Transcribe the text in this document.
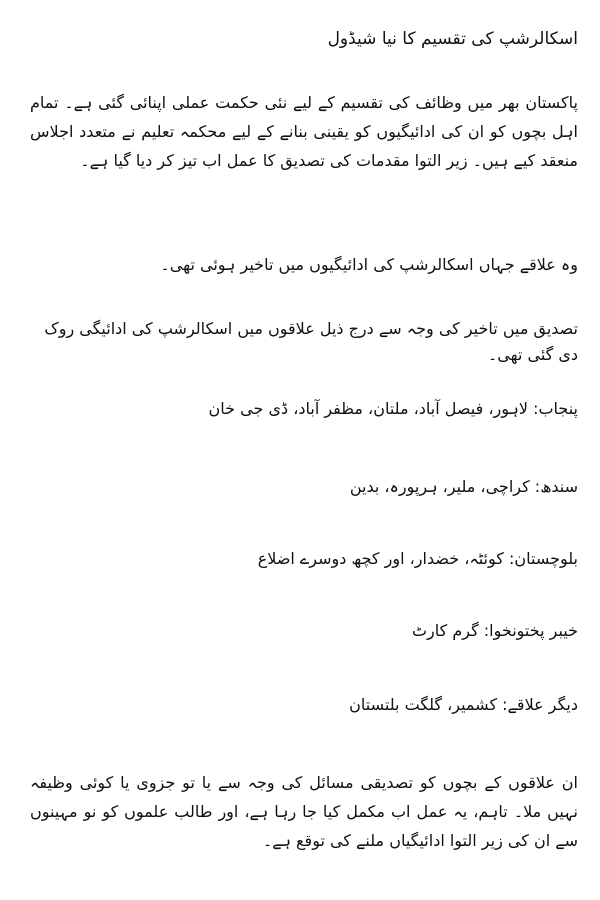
اسکالرشپ کی تقسیم کا نیا شیڈول

پاکستان بھر میں وظائف کی تقسیم کے لیے نئی حکمت عملی اپنائی گئی ہے۔ تمام اہل بچوں کو ان کی ادائیگیوں کو یقینی بنانے کے لیے محکمہ تعلیم نے متعدد اجلاس منعقد کیے ہیں۔ زیر التوا مقدمات کی تصدیق کا عمل اب تیز کر دیا گیا ہے۔

وہ علاقے جہاں اسکالرشپ کی ادائیگیوں میں تاخیر ہوئی تھی۔

تصدیق میں تاخیر کی وجہ سے درج ذیل علاقوں میں اسکالرشپ کی ادائیگی روک دی گئی تھی۔

پنجاب: لاہور، فیصل آباد، ملتان، مظفر آباد، ڈی جی خان

سندھ: کراچی، ملیر، ہرپورہ، بدین

بلوچستان: کوئٹہ، خضدار، اور کچھ دوسرے اضلاع

خیبر پختونخوا: گرم کارٹ

دیگر علاقے: کشمیر، گلگت بلتستان

ان علاقوں کے بچوں کو تصدیقی مسائل کی وجہ سے یا تو جزوی یا کوئی وظیفہ نہیں ملا۔ تاہم، یہ عمل اب مکمل کیا جا رہا ہے، اور طالب علموں کو نو مہینوں سے ان کی زیر التوا ادائیگیاں ملنے کی توقع ہے۔
